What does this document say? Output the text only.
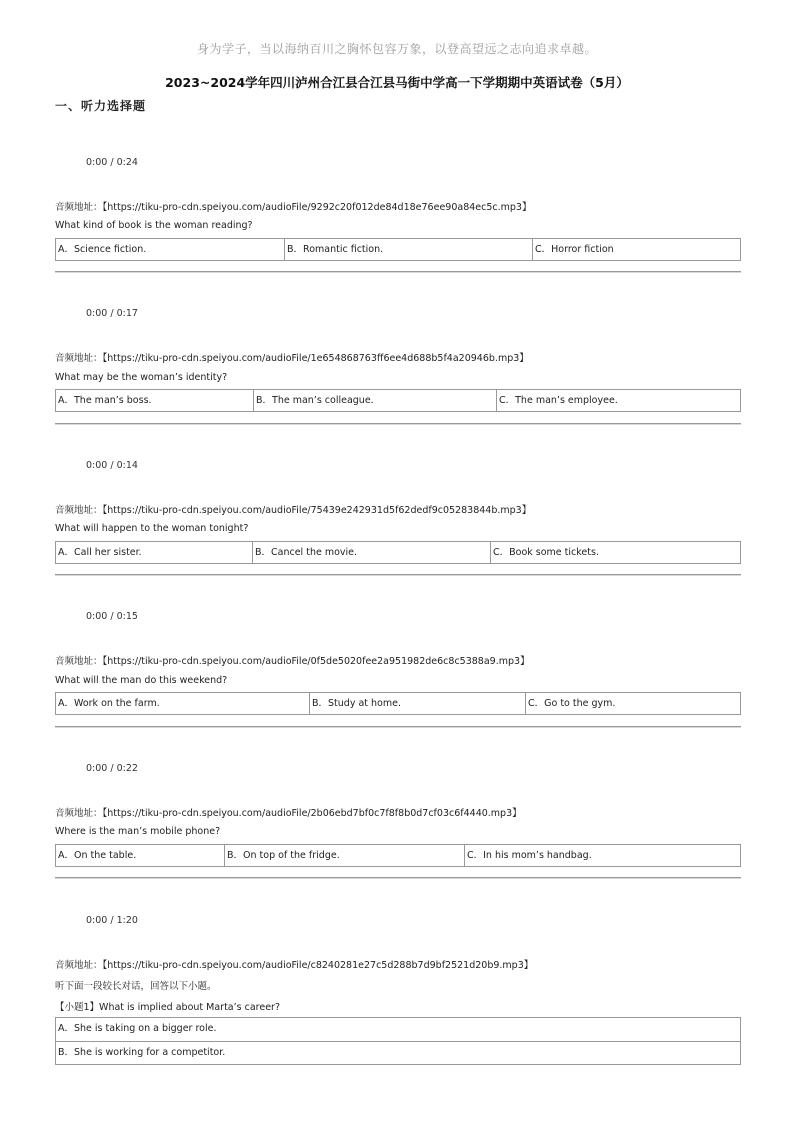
身为学子，当以海纳百川之胸怀包容万象，以登高望远之志向追求卓越。
2023~2024学年四川泸州合江县合江县马街中学高一下学期期中英语试卷（5月）
一、听力选择题
0:00 / 0:24
音频地址：【https://tiku-pro-cdn.speiyou.com/audioFile/9292c20f012de84d18e76ee90a84ec5c.mp3】
What kind of book is the woman reading?
A．Science fiction.	B．Romantic fiction.	C．Horror fiction
0:00 / 0:17
音频地址：【https://tiku-pro-cdn.speiyou.com/audioFile/1e654868763ff6ee4d688b5f4a20946b.mp3】
What may be the woman’s identity?
A．The man’s boss.	B．The man’s colleague.	C．The man’s employee.
0:00 / 0:14
音频地址：【https://tiku-pro-cdn.speiyou.com/audioFile/75439e242931d5f62dedf9c05283844b.mp3】
What will happen to the woman tonight?
A．Call her sister.	B．Cancel the movie.	C．Book some tickets.
0:00 / 0:15
音频地址：【https://tiku-pro-cdn.speiyou.com/audioFile/0f5de5020fee2a951982de6c8c5388a9.mp3】
What will the man do this weekend?
A．Work on the farm.	B．Study at home.	C．Go to the gym.
0:00 / 0:22
音频地址：【https://tiku-pro-cdn.speiyou.com/audioFile/2b06ebd7bf0c7f8f8b0d7cf03c6f4440.mp3】
Where is the man’s mobile phone?
A．On the table.	B．On top of the fridge.	C．In his mom’s handbag.
0:00 / 1:20
音频地址：【https://tiku-pro-cdn.speiyou.com/audioFile/c8240281e27c5d288b7d9bf2521d20b9.mp3】
听下面一段较长对话，回答以下小题。
【小题1】What is implied about Marta’s career?
A．She is taking on a bigger role.
B．She is working for a competitor.
